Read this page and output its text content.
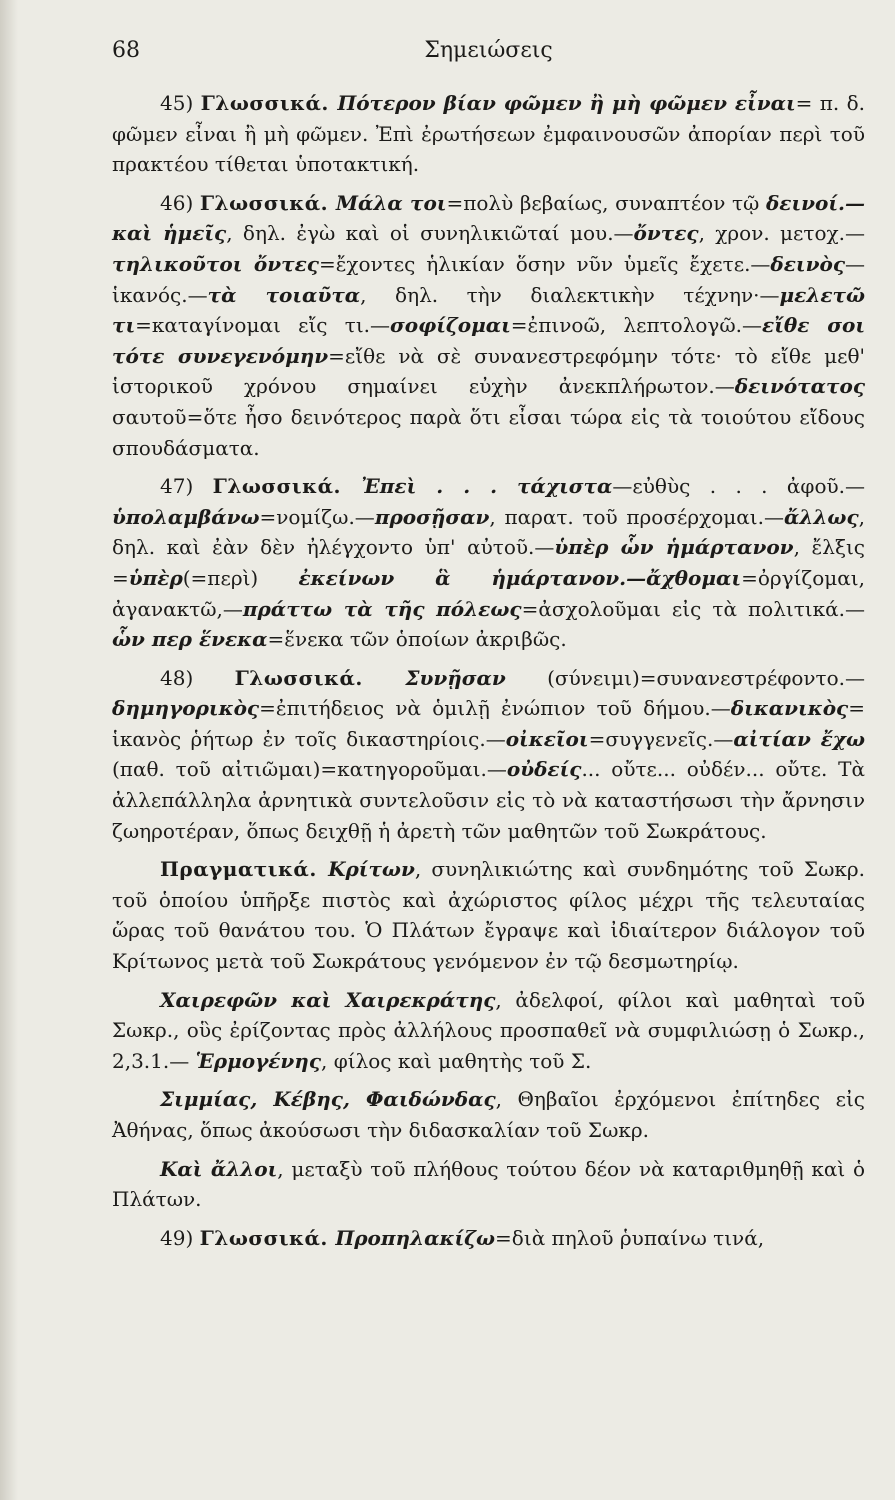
68	Σημειώσεις

45) Γλωσσικά. Πότερον βίαν φῶμεν ἢ μὴ φῶμεν εἶναι= π. δ. φῶμεν εἶναι ἢ μὴ φῶμεν. Ἐπὶ ἐρωτήσεων ἐμφαινουσῶν ἀπορίαν περὶ τοῦ πρακτέου τίθεται ὑποτακτική.

46) Γλωσσικά. Μάλα τοι=πολὺ βεβαίως, συναπτέον τῷ δεινοί.—καὶ ἡμεῖς, δηλ. ἐγὼ καὶ οἱ συνηλικιῶταί μου.—ὄντες, χρον. μετοχ.—τηλικοῦτοι ὄντες=ἔχοντες ἡλικίαν ὅσην νῦν ὑμεῖς ἔχετε.—δεινὸς—ἱκανός.—τὰ τοιαῦτα, δηλ. τὴν διαλεκτικὴν τέχνην·—μελετῶ τι=καταγίνομαι εἴς τι.—σοφίζομαι=ἐπινοῶ, λεπτολογῶ.—εἴθε σοι τότε συνεγενόμην=εἴθε νὰ σὲ συνανεστρεφόμην τότε· τὸ εἴθε μεθ' ἱστορικοῦ χρόνου σημαίνει εὐχὴν ἀνεκπλήρωτον.—δεινότατος σαυτοῦ=ὅτε ἦσο δεινότερος παρὰ ὅτι εἶσαι τώρα εἰς τὰ τοιούτου εἴδους σπουδάσματα.

47) Γλωσσικά. Ἐπεὶ . . . τάχιστα—εὐθὺς . . . ἀφοῦ.—ὑπολαμβάνω=νομίζω.—προσῇσαν, παρατ. τοῦ προσέρχομαι.—ἄλλως, δηλ. καὶ ἐὰν δὲν ἠλέγχοντο ὑπ' αὐτοῦ.—ὑπὲρ ὧν ἡμάρτανον, ἔλξις =ὑπὲρ(=περὶ) ἐκείνων ἃ ἡμάρτανον.—ἄχθομαι=ὀργίζομαι, ἀγανακτῶ,—πράττω τὰ τῆς πόλεως=ἀσχολοῦμαι εἰς τὰ πολιτικά.—ὧν περ ἕνεκα=ἕνεκα τῶν ὁποίων ἀκριβῶς.

48) Γλωσσικά. Συνῇσαν (σύνειμι)=συνανεστρέφοντο.—δημηγορικὸς=ἐπιτήδειος νὰ ὁμιλῇ ἐνώπιον τοῦ δήμου.—δικανικὸς= ἱκανὸς ῥήτωρ ἐν τοῖς δικαστηρίοις.—οἰκεῖοι=συγγενεῖς.—αἰτίαν ἔχω (παθ. τοῦ αἰτιῶμαι)=κατηγοροῦμαι.—οὐδείς... οὔτε... οὐδέν... οὔτε. Τὰ ἀλλεπάλληλα ἀρνητικὰ συντελοῦσιν εἰς τὸ νὰ καταστήσωσι τὴν ἄρνησιν ζωηροτέραν, ὅπως δειχθῇ ἡ ἀρετὴ τῶν μαθητῶν τοῦ Σωκράτους.

Πραγματικά. Κρίτων, συνηλικιώτης καὶ συνδημότης τοῦ Σωκρ. τοῦ ὁποίου ὑπῆρξε πιστὸς καὶ ἀχώριστος φίλος μέχρι τῆς τελευταίας ὥρας τοῦ θανάτου του. Ὁ Πλάτων ἔγραψε καὶ ἰδιαίτερον διάλογον τοῦ Κρίτωνος μετὰ τοῦ Σωκράτους γενόμενον ἐν τῷ δεσμωτηρίῳ.

Χαιρεφῶν καὶ Χαιρεκράτης, ἀδελφοί, φίλοι καὶ μαθηταὶ τοῦ Σωκρ., οὓς ἐρίζοντας πρὸς ἀλλήλους προσπαθεῖ νὰ συμφιλιώσῃ ὁ Σωκρ., 2,3.1.— Ἑρμογένης, φίλος καὶ μαθητὴς τοῦ Σ.

Σιμμίας, Κέβης, Φαιδώνδας, Θηβαῖοι ἐρχόμενοι ἐπίτηδες εἰς Ἀθήνας, ὅπως ἀκούσωσι τὴν διδασκαλίαν τοῦ Σωκρ.

Καὶ ἄλλοι, μεταξὺ τοῦ πλήθους τούτου δέον νὰ καταριθμηθῇ καὶ ὁ Πλάτων.

49) Γλωσσικά. Προπηλακίζω=διὰ πηλοῦ ῥυπαίνω τινά,
